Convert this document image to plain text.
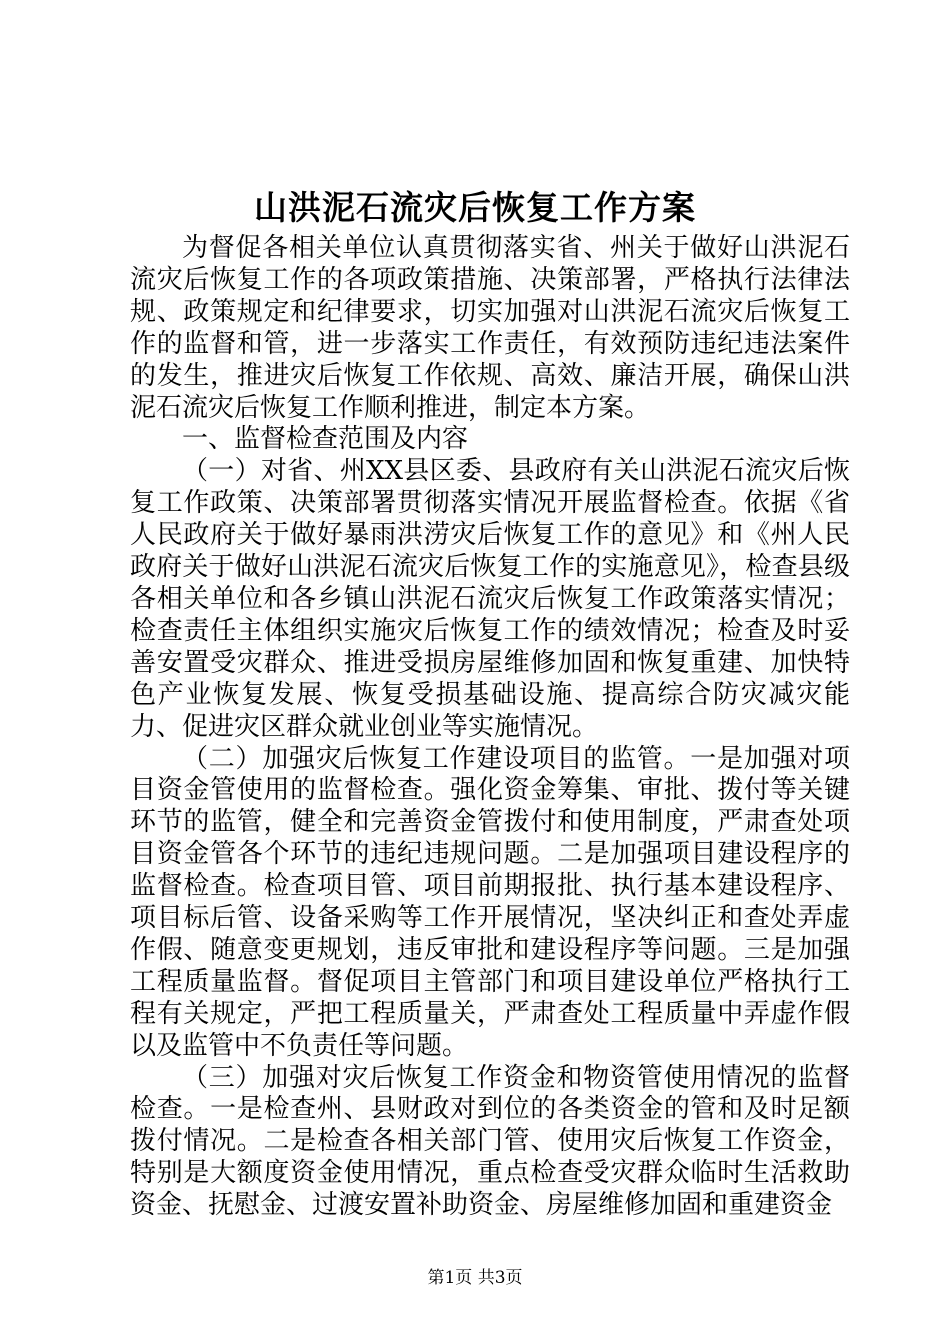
山洪泥石流灾后恢复工作方案

为督促各相关单位认真贯彻落实省、州关于做好山洪泥石流灾后恢复工作的各项政策措施、决策部署，严格执行法律法规、政策规定和纪律要求，切实加强对山洪泥石流灾后恢复工作的监督和管，进一步落实工作责任，有效预防违纪违法案件的发生，推进灾后恢复工作依规、高效、廉洁开展，确保山洪泥石流灾后恢复工作顺利推进，制定本方案。

一、监督检查范围及内容

（一）对省、州XX县区委、县政府有关山洪泥石流灾后恢复工作政策、决策部署贯彻落实情况开展监督检查。依据《省人民政府关于做好暴雨洪涝灾后恢复工作的意见》和《州人民政府关于做好山洪泥石流灾后恢复工作的实施意见》，检查县级各相关单位和各乡镇山洪泥石流灾后恢复工作政策落实情况；检查责任主体组织实施灾后恢复工作的绩效情况；检查及时妥善安置受灾群众、推进受损房屋维修加固和恢复重建、加快特色产业恢复发展、恢复受损基础设施、提高综合防灾减灾能力、促进灾区群众就业创业等实施情况。

（二）加强灾后恢复工作建设项目的监管。一是加强对项目资金管使用的监督检查。强化资金筹集、审批、拨付等关键环节的监管，健全和完善资金管拨付和使用制度，严肃查处项目资金管各个环节的违纪违规问题。二是加强项目建设程序的监督检查。检查项目管、项目前期报批、执行基本建设程序、项目标后管、设备采购等工作开展情况，坚决纠正和查处弄虚作假、随意变更规划，违反审批和建设程序等问题。三是加强工程质量监督。督促项目主管部门和项目建设单位严格执行工程有关规定，严把工程质量关，严肃查处工程质量中弄虚作假以及监管中不负责任等问题。

（三）加强对灾后恢复工作资金和物资管使用情况的监督检查。一是检查州、县财政对到位的各类资金的管和及时足额拨付情况。二是检查各相关部门管、使用灾后恢复工作资金，特别是大额度资金使用情况，重点检查受灾群众临时生活救助资金、抚慰金、过渡安置补助资金、房屋维修加固和重建资金

第1页 共3页
